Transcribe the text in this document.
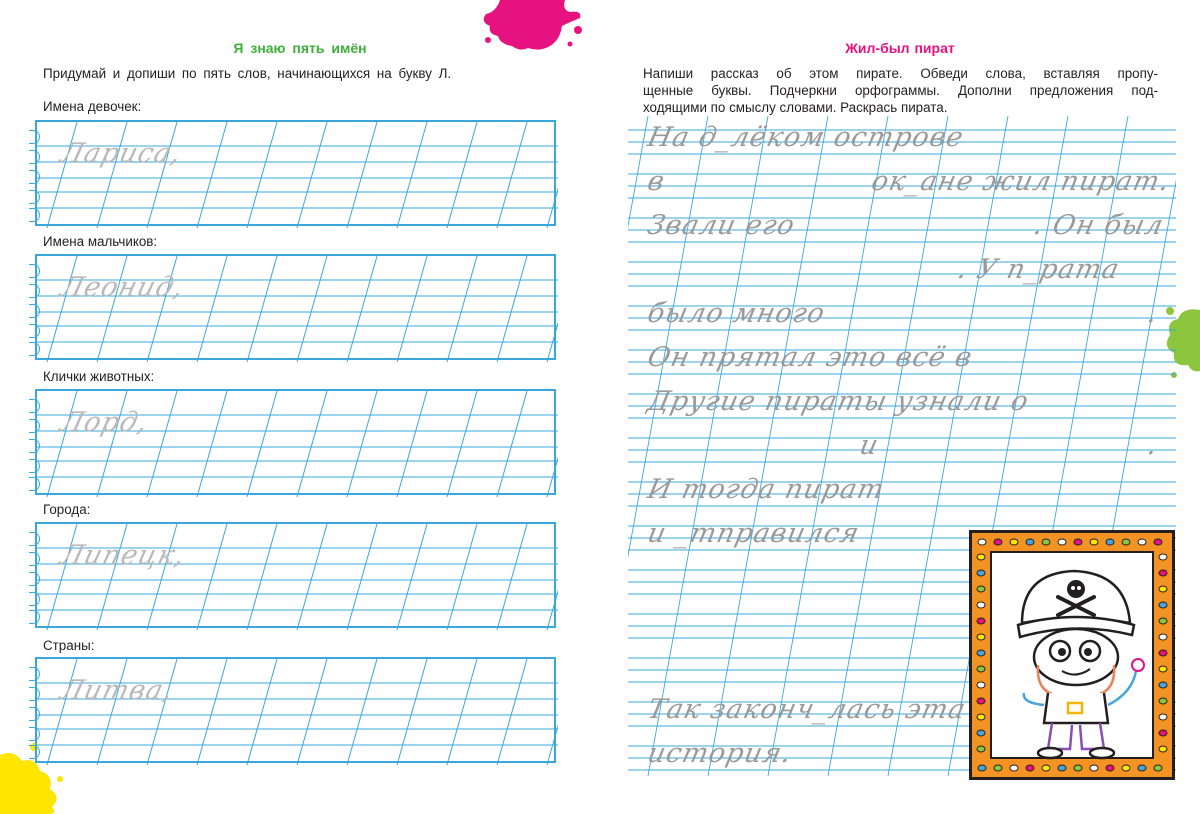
Я знаю пять имён
Придумай и допиши по пять слов, начинающихся на букву Л.
Имена девочек:
Лариса,
Имена мальчиков:
Леонид,
Клички животных:
Лорд,
Города:
Липецк,
Страны:
Литва,
Жил-был пират
Напиши рассказ об этом пирате. Обведи слова, вставляя пропу-
щенные буквы. Подчеркни орфограммы. Дополни предложения под-
ходящими по смыслу словами. Раскрась пирата.
На д_лёком острове
в	ок_ане жил пират.
Звали его	. Он был
. У п_рата
было много	.
Он прятал это всё в
Другие пираты узнали о
и	.
И тогда пират
и _тправился
Так законч_лась эта
история.
